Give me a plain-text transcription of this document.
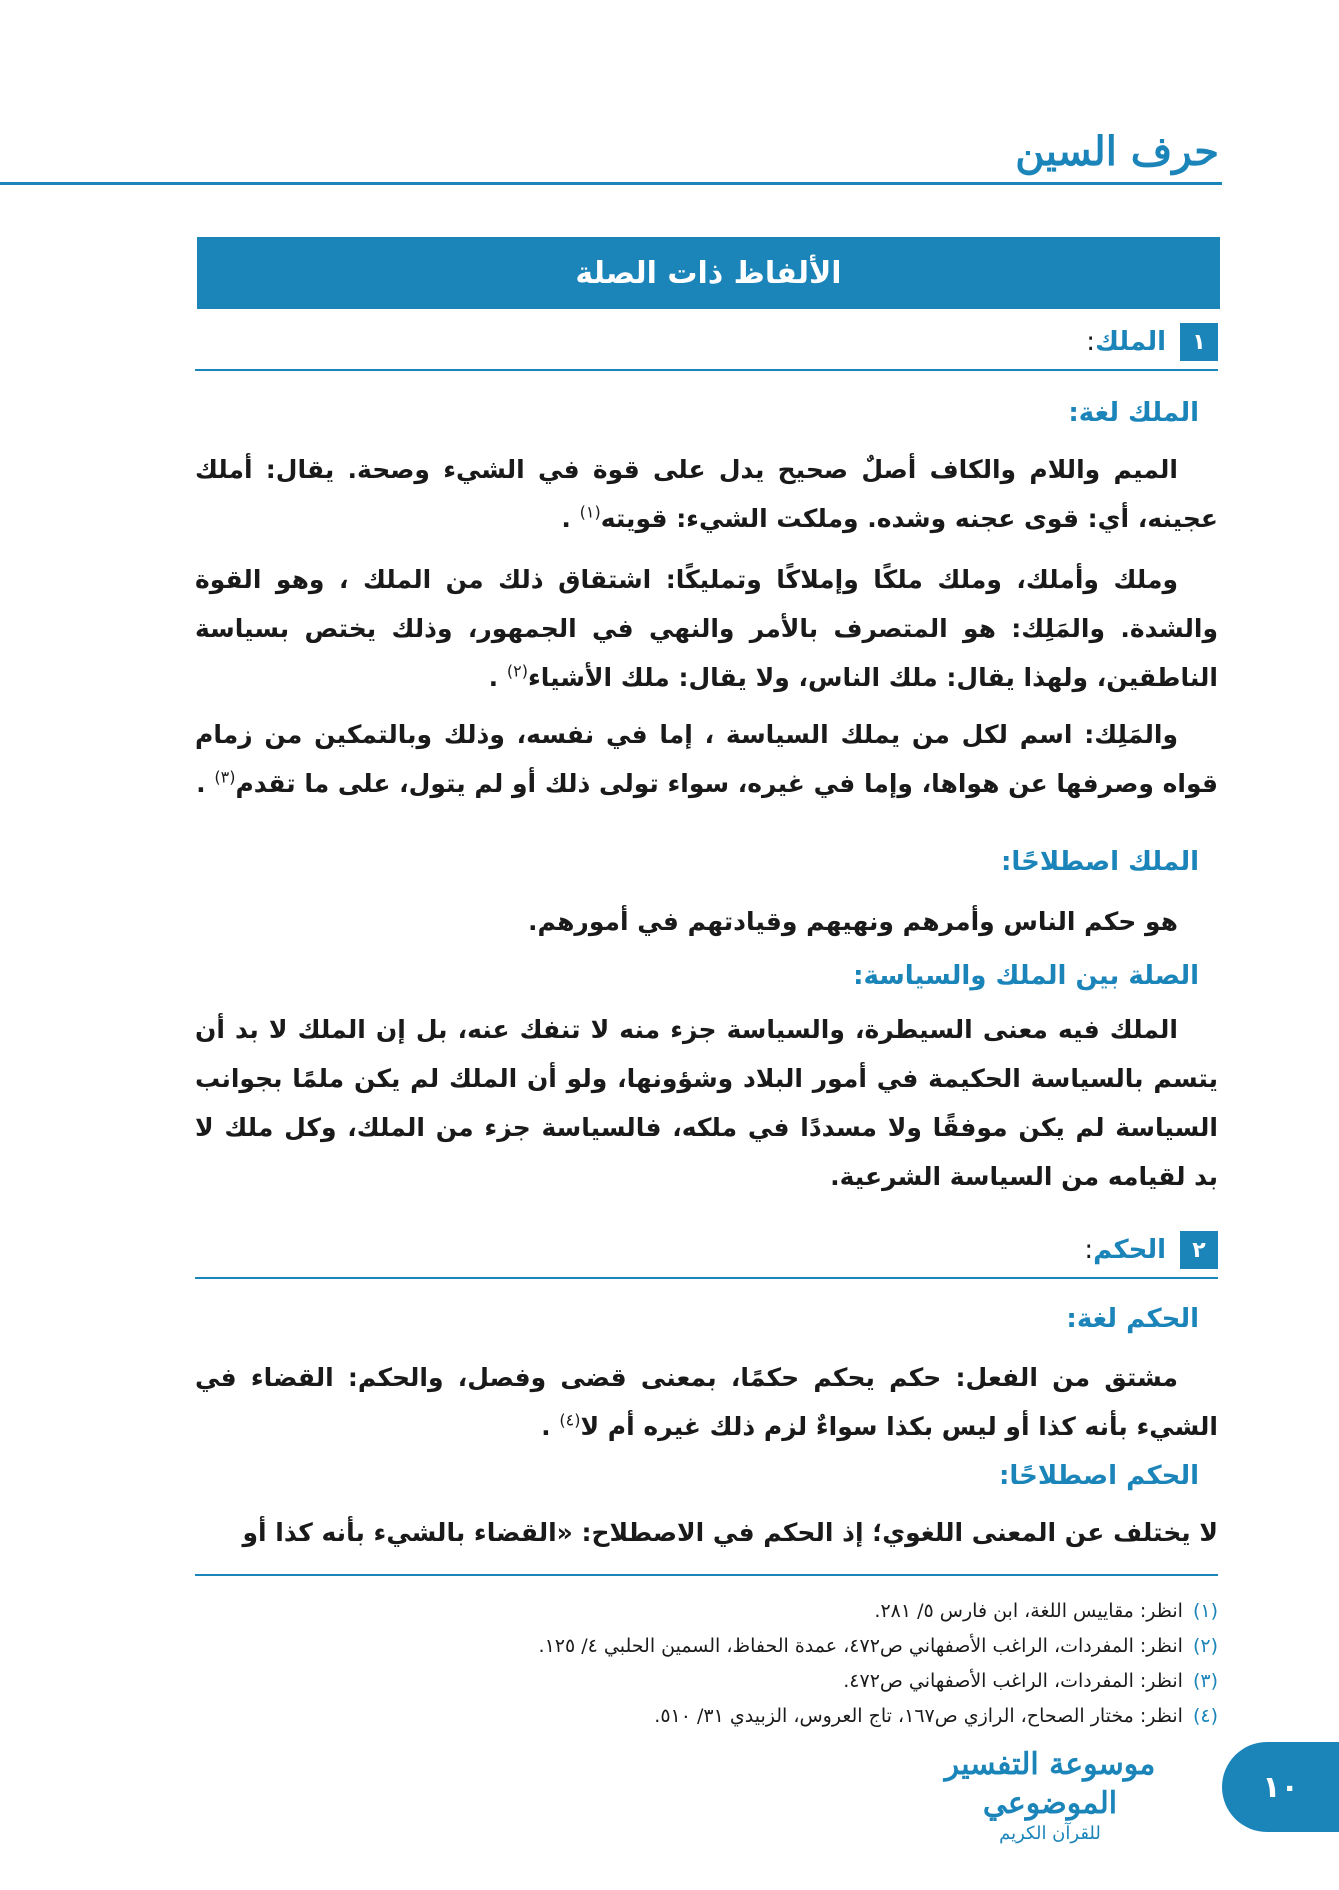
حرف السين
الألفاظ ذات الصلة
١
الملك:
الملك لغة:

الميم واللام والكاف أصلٌ صحيح يدل على قوة في الشيء وصحة. يقال: أملك عجينه، أي: قوى عجنه وشده. وملكت الشيء: قويته$^{(١)}$ .

وملك وأملك، وملك ملكًا وإملاكًا وتمليكًا: اشتقاق ذلك من الملك ، وهو القوة والشدة. والمَلِك: هو المتصرف بالأمر والنهي في الجمهور، وذلك يختص بسياسة الناطقين، ولهذا يقال: ملك الناس، ولا يقال: ملك الأشياء$^{(٢)}$ .

والمَلِك: اسم لكل من يملك السياسة ، إما في نفسه، وذلك وبالتمكين من زمام قواه وصرفها عن هواها، وإما في غيره، سواء تولى ذلك أو لم يتول، على ما تقدم$^{(٣)}$ .

الملك اصطلاحًا:

هو حكم الناس وأمرهم ونهيهم وقيادتهم في أمورهم.

الصلة بين الملك والسياسة:

الملك فيه معنى السيطرة، والسياسة جزء منه لا تنفك عنه، بل إن الملك لا بد أن يتسم بالسياسة الحكيمة في أمور البلاد وشؤونها، ولو أن الملك لم يكن ملمًا بجوانب السياسة لم يكن موفقًا ولا مسددًا في ملكه، فالسياسة جزء من الملك، وكل ملك لا بد لقيامه من السياسة الشرعية.

٢
الحكم:
الحكم لغة:

مشتق من الفعل: حكم يحكم حكمًا، بمعنى قضى وفصل، والحكم: القضاء في الشيء بأنه كذا أو ليس بكذا سواءٌ لزم ذلك غيره أم لا$^{(٤)}$ .

الحكم اصطلاحًا:

لا يختلف عن المعنى اللغوي؛ إذ الحكم في الاصطلاح: «القضاء بالشيء بأنه كذا أو

(١)انظر: مقاييس اللغة، ابن فارس ٥/ ٢٨١.
(٢)انظر: المفردات، الراغب الأصفهاني ص٤٧٢، عمدة الحفاظ، السمين الحلبي ٤/ ١٢٥.
(٣)انظر: المفردات، الراغب الأصفهاني ص٤٧٢.
(٤)انظر: مختار الصحاح، الرازي ص١٦٧، تاج العروس، الزبيدي ٣١/ ٥١٠.
موسوعة التفسير الموضوعي
للقرآن الكريم
١٠
